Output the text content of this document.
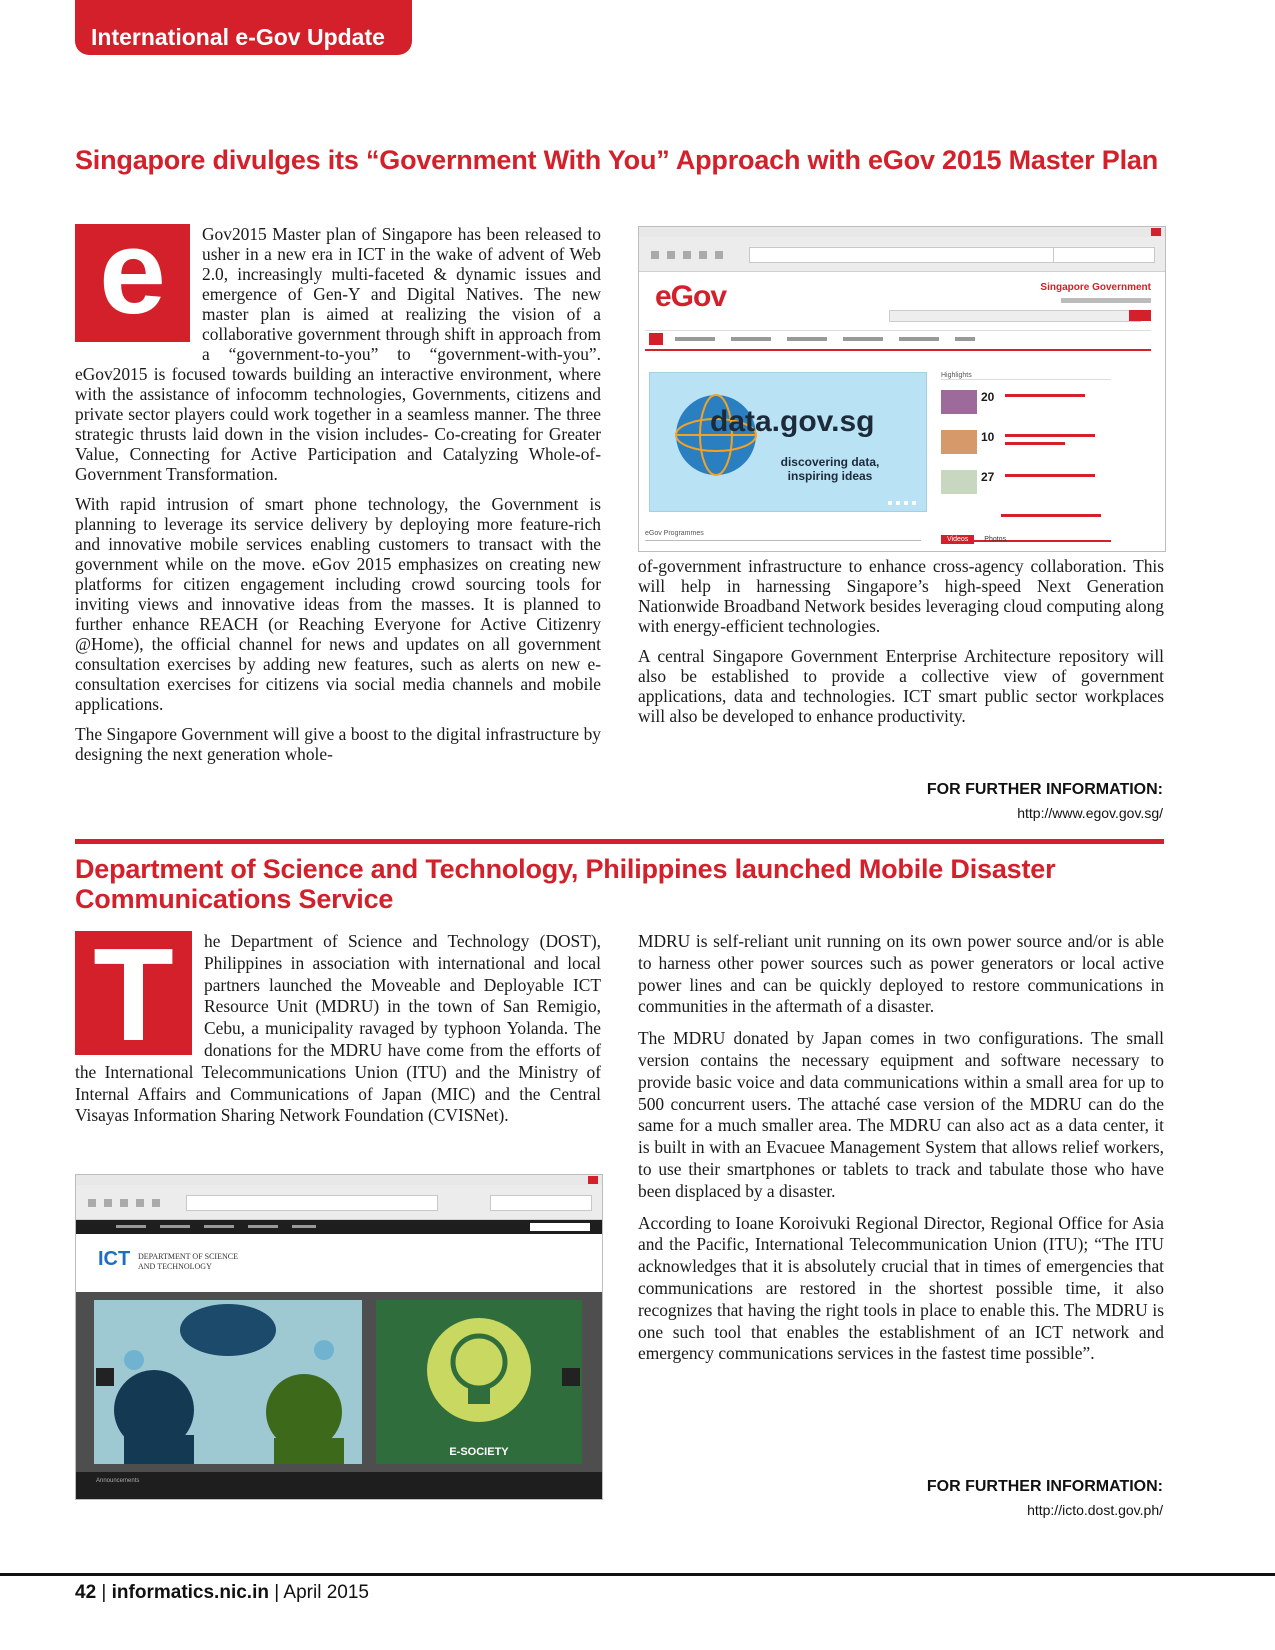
International e-Gov Update
Singapore divulges its “Government With You” Approach with eGov 2015 Master Plan
e	Gov2015 Master plan of Singapore has been released to usher in a new era in ICT in the wake of advent of Web 2.0, increasingly multi-faceted & dynamic issues and emergence of Gen-Y and Digital Natives. The new master plan is aimed at realizing the vision of a collaborative government through shift in approach from a “government-to-you” to “government-with-you”. eGov2015 is focused towards building an interactive environment, where with the assistance of infocomm technologies, Governments, citizens and private sector players could work together in a seamless manner. The three strategic thrusts laid down in the vision includes- Co-creating for Greater Value, Connecting for Active Participation and Catalyzing Whole-of-Government Transformation.

With rapid intrusion of smart phone technology, the Government is planning to leverage its service delivery by deploying more feature-rich and innovative mobile services enabling customers to transact with the government while on the move. eGov 2015 emphasizes on creating new platforms for citizen engagement including crowd sourcing tools for inviting views and innovative ideas from the masses. It is planned to further enhance REACH (or Reaching Everyone for Active Citizenry @Home), the official channel for news and updates on all government consultation exercises by adding new features, such as alerts on new e-consultation exercises for citizens via social media channels and mobile applications.

The Singapore Government will give a boost to the digital infrastructure by designing the next generation whole-

eGov	Singapore Government
data.gov.sg
discovering data,
inspiring ideas
Highlights
20
10
27
eGov Programmes
Videos Photos

of-government infrastructure to enhance cross-agency collaboration. This will help in harnessing Singapore’s high-speed Next Generation Nationwide Broadband Network besides leveraging cloud computing along with energy-efficient technologies.

A central Singapore Government Enterprise Architecture repository will also be established to provide a collective view of government applications, data and technologies. ICT smart public sector workplaces will also be developed to enhance productivity.

FOR FURTHER INFORMATION:
http://www.egov.gov.sg/
Department of Science and Technology, Philippines launched Mobile Disaster Communications Service
T	he Department of Science and Technology (DOST), Philippines in association with international and local partners launched the Moveable and Deployable ICT Resource Unit (MDRU) in the town of San Remigio, Cebu, a municipality ravaged by typhoon Yolanda. The donations for the MDRU have come from the efforts of the International Telecommunications Union (ITU) and the Ministry of Internal Affairs and Communications of Japan (MIC) and the Central Visayas Information Sharing Network Foundation (CVISNet).

ICT DEPARTMENT OF SCIENCE
AND TECHNOLOGY
E-SOCIETY
Announcements

MDRU is self-reliant unit running on its own power source and/or is able to harness other power sources such as power generators or local active power lines and can be quickly deployed to restore communications in communities in the aftermath of a disaster.

The MDRU donated by Japan comes in two configurations. The small version contains the necessary equipment and software necessary to provide basic voice and data communications within a small area for up to 500 concurrent users. The attaché case version of the MDRU can do the same for a much smaller area. The MDRU can also act as a data center, it is built in with an Evacuee Management System that allows relief workers, to use their smartphones or tablets to track and tabulate those who have been displaced by a disaster.

According to Ioane Koroivuki Regional Director, Regional Office for Asia and the Pacific, International Telecommunication Union (ITU); “The ITU acknowledges that it is absolutely crucial that in times of emergencies that communications are restored in the shortest possible time, it also recognizes that having the right tools in place to enable this. The MDRU is one such tool that enables the establishment of an ICT network and emergency communications services in the fastest time possible”.

FOR FURTHER INFORMATION:
http://icto.dost.gov.ph/
42 | informatics.nic.in | April 2015
